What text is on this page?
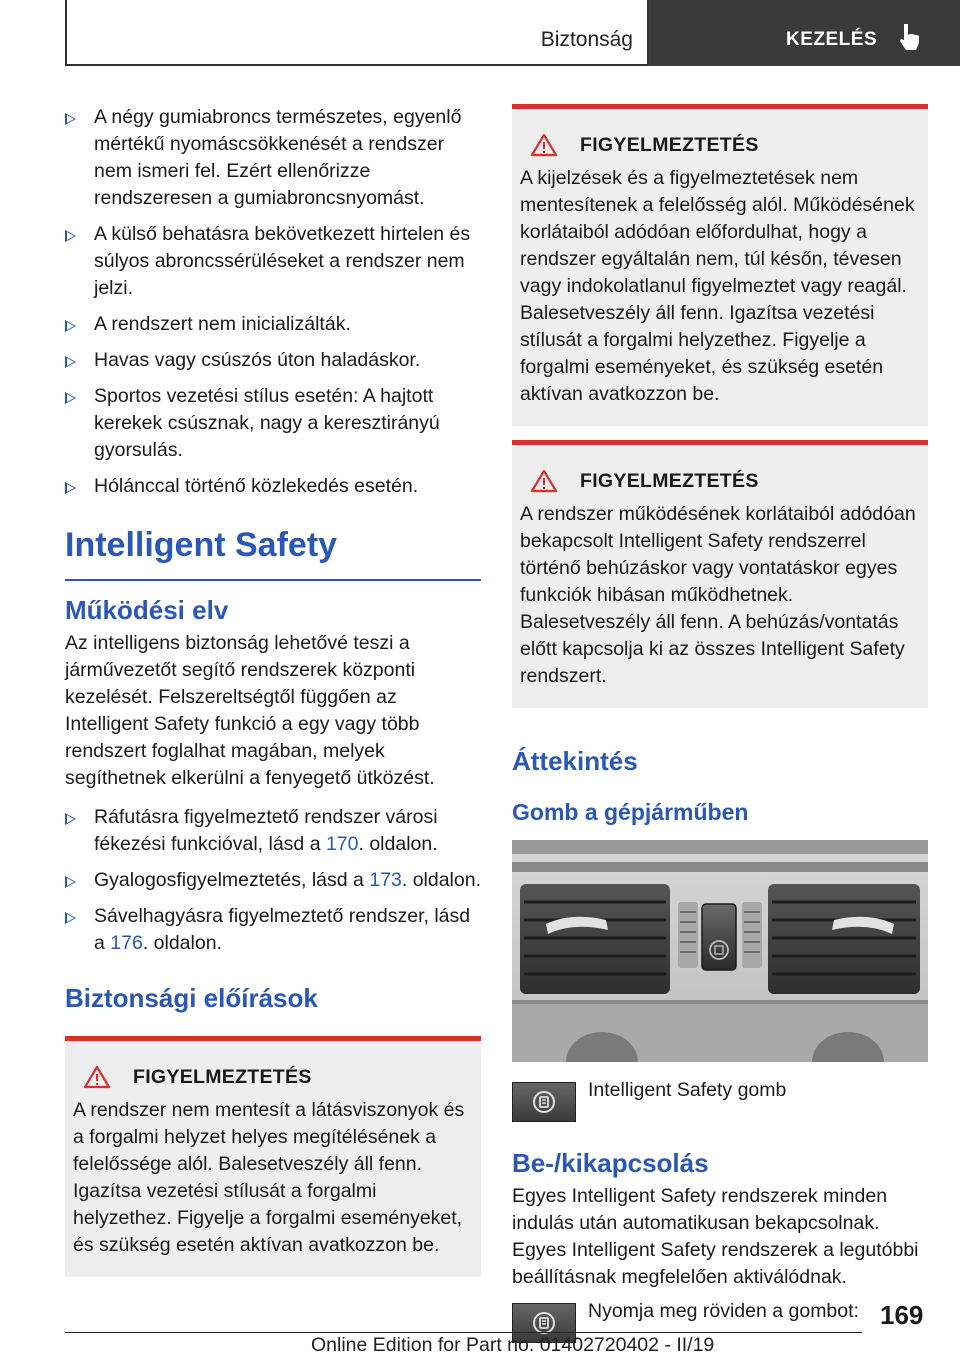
Biztonság	KEZELÉS
A négy gumiabroncs természetes, egyenlő mértékű nyomáscsökkenését a rendszer nem ismeri fel. Ezért ellenőrizze rendszeresen a gumiabroncsnyomást.
A külső behatásra bekövetkezett hirtelen és súlyos abroncssérüléseket a rendszer nem jelzi.
A rendszert nem inicializálták.
Havas vagy csúszós úton haladáskor.
Sportos vezetési stílus esetén: A hajtott kerekek csúsznak, nagy a keresztirányú gyorsulás.
Hólánccal történő közlekedés esetén.
Intelligent Safety
Működési elv

Az intelligens biztonság lehetővé teszi a járművezetőt segítő rendszerek központi kezelését. Felszereltségtől függően az Intelligent Safety funkció a egy vagy több rendszert foglalhat magában, melyek segíthetnek elkerülni a fenyegető ütközést.

Ráfutásra figyelmeztető rendszer városi fékezési funkcióval, lásd a 170. oldalon.
Gyalogosfigyelmeztetés, lásd a 173. oldalon.
Sávelhagyásra figyelmeztető rendszer, lásd a 176. oldalon.
Biztonsági előírások
FIGYELMEZTETÉS

A rendszer nem mentesít a látásviszonyok és a forgalmi helyzet helyes megítélésének a felelőssége alól. Balesetveszély áll fenn. Igazítsa vezetési stílusát a forgalmi helyzethez. Figyelje a forgalmi eseményeket, és szükség esetén aktívan avatkozzon be.

FIGYELMEZTETÉS

A kijelzések és a figyelmeztetések nem mentesítenek a felelősség alól. Működésének korlátaiból adódóan előfordulhat, hogy a rendszer egyáltalán nem, túl későn, tévesen vagy indokolatlanul figyelmeztet vagy reagál. Balesetveszély áll fenn. Igazítsa vezetési stílusát a forgalmi helyzethez. Figyelje a forgalmi eseményeket, és szükség esetén aktívan avatkozzon be.

FIGYELMEZTETÉS

A rendszer működésének korlátaiból adódóan bekapcsolt Intelligent Safety rendszerrel történő behúzáskor vagy vontatáskor egyes funkciók hibásan működhetnek. Balesetveszély áll fenn. A behúzás/vontatás előtt kapcsolja ki az összes Intelligent Safety rendszert.

Áttekintés
Gomb a gépjárműben
Intelligent Safety gomb
Be-/kikapcsolás

Egyes Intelligent Safety rendszerek minden indulás után automatikusan bekapcsolnak. Egyes Intelligent Safety rendszerek a legutóbbi beállításnak megfelelően aktiválódnak.

Nyomja meg röviden a gombot: 169
Online Edition for Part no. 01402720402 - II/19
